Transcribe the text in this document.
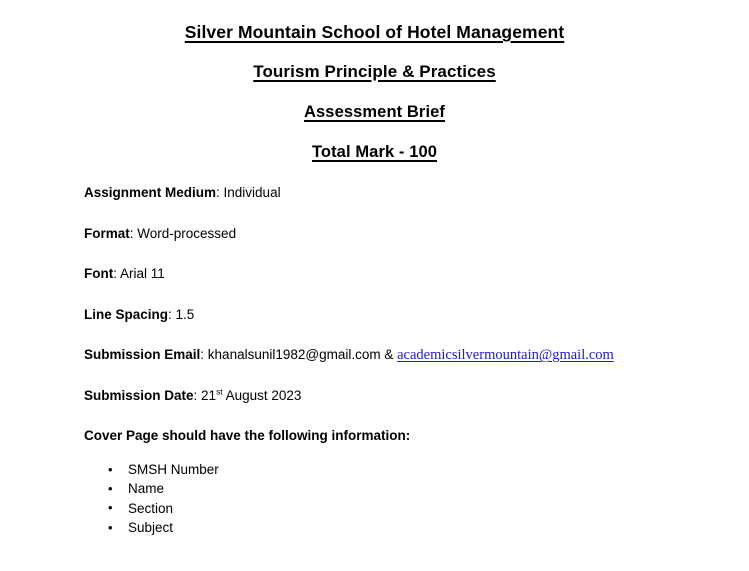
Silver Mountain School of Hotel Management
Tourism Principle & Practices
Assessment Brief
Total Mark - 100

Assignment Medium: Individual

Format: Word-processed

Font: Arial 11

Line Spacing: 1.5

Submission Email: khanalsunil1982@gmail.com & academicsilvermountain@gmail.com

Submission Date: 21st August 2023

Cover Page should have the following information:

• SMSH Number
• Name
• Section
• Subject
